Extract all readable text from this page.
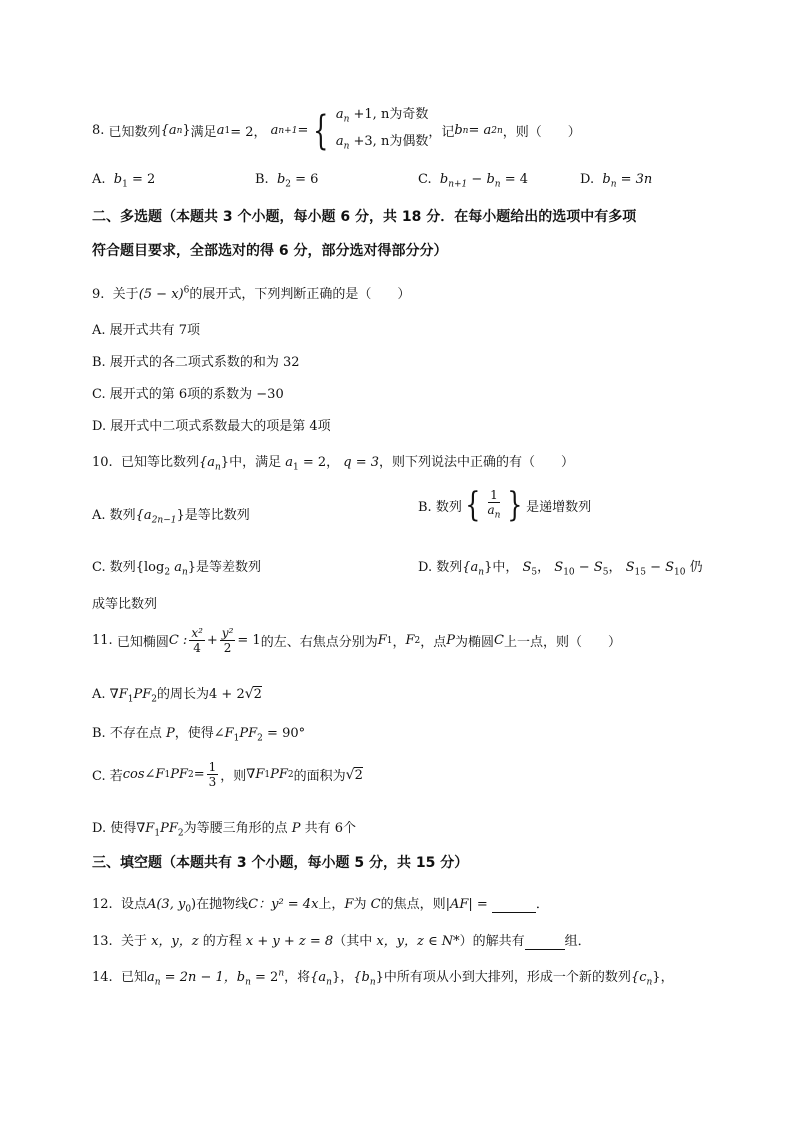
8.
已知数列 {a n } 满足 a 1 = 2，
a n+1 = { $a_n +1$, n为奇数
$a_n +3$, n为偶数
，记 b n = a 2n ，则（　　）
A. $b_1 = 2$	B. $b_2 = 6$	C. $b_{n+1} - b_n = 4$	D. $b_n = 3n$
二、多选题（本题共 3 个小题，每小题 6 分，共 18 分．在每小题给出的选项中有多项
符合题目要求，全部选对的得 6 分，部分选对得部分分）
9. 关于$(5 - x)^6$的展开式，下列判断正确的是（　　）
A. 展开式共有 7项
B. 展开式的各二项式系数的和为 32
C. 展开式的第 6项的系数为 −30
D. 展开式中二项式系数最大的项是第 4项
10. 已知等比数列$\{a_n\}$中，满足 $a_1 = 2$， q = 3，则下列说法中正确的有（　　）
A. 数列$\{a_{2n-1}\}$是等比数列
B. 数列 { $\frac{1}{a_n}$ } 是递增数列
C. 数列{$\log_2$ $a_n$}是等差数列	D. 数列$\{a_n\}$中， $S_5$， $S_{10} - S_5$， $S_{15} - S_{10}$ 仍
成等比数列
11.
已知椭圆 C : $\frac{\text{x²}}{4} + \frac{\text{y²}}{2} = 1$ 的左、右焦点分别为 F 1 ， F 2 ，点 P 为椭圆 C 上一点，则（　　）
A. $\nabla F_1PF_2$的周长为4 + 2√2
B. 不存在点 P，使得$\angle F_1PF_2 = 90^\circ$
C. 若 cos∠F 1 PF $2 = \frac{1}{3}$ ，则 ∇F 1 PF 2 的面积为 √ 2
D. 使得$\nabla F_1PF_2$为等腰三角形的点 P 共有 6个
三、填空题（本题共有 3 个小题，每小题 5 分，共 15 分）
12. 设点A(3, $y_0$)在抛物线C：y² = 4x上，F为 C的焦点，则|AF| =	．
13. 关于 x，y，z 的方程 x + y + z = 8（其中 x，y，z ∈ N*）的解共有	组．
14. 已知$a_n = 2n - 1$，$b_n = 2^n$，将$\{a_n\}$，$\{b_n\}$中所有项从小到大排列，形成一个新的数列$\{c_n\}$，
